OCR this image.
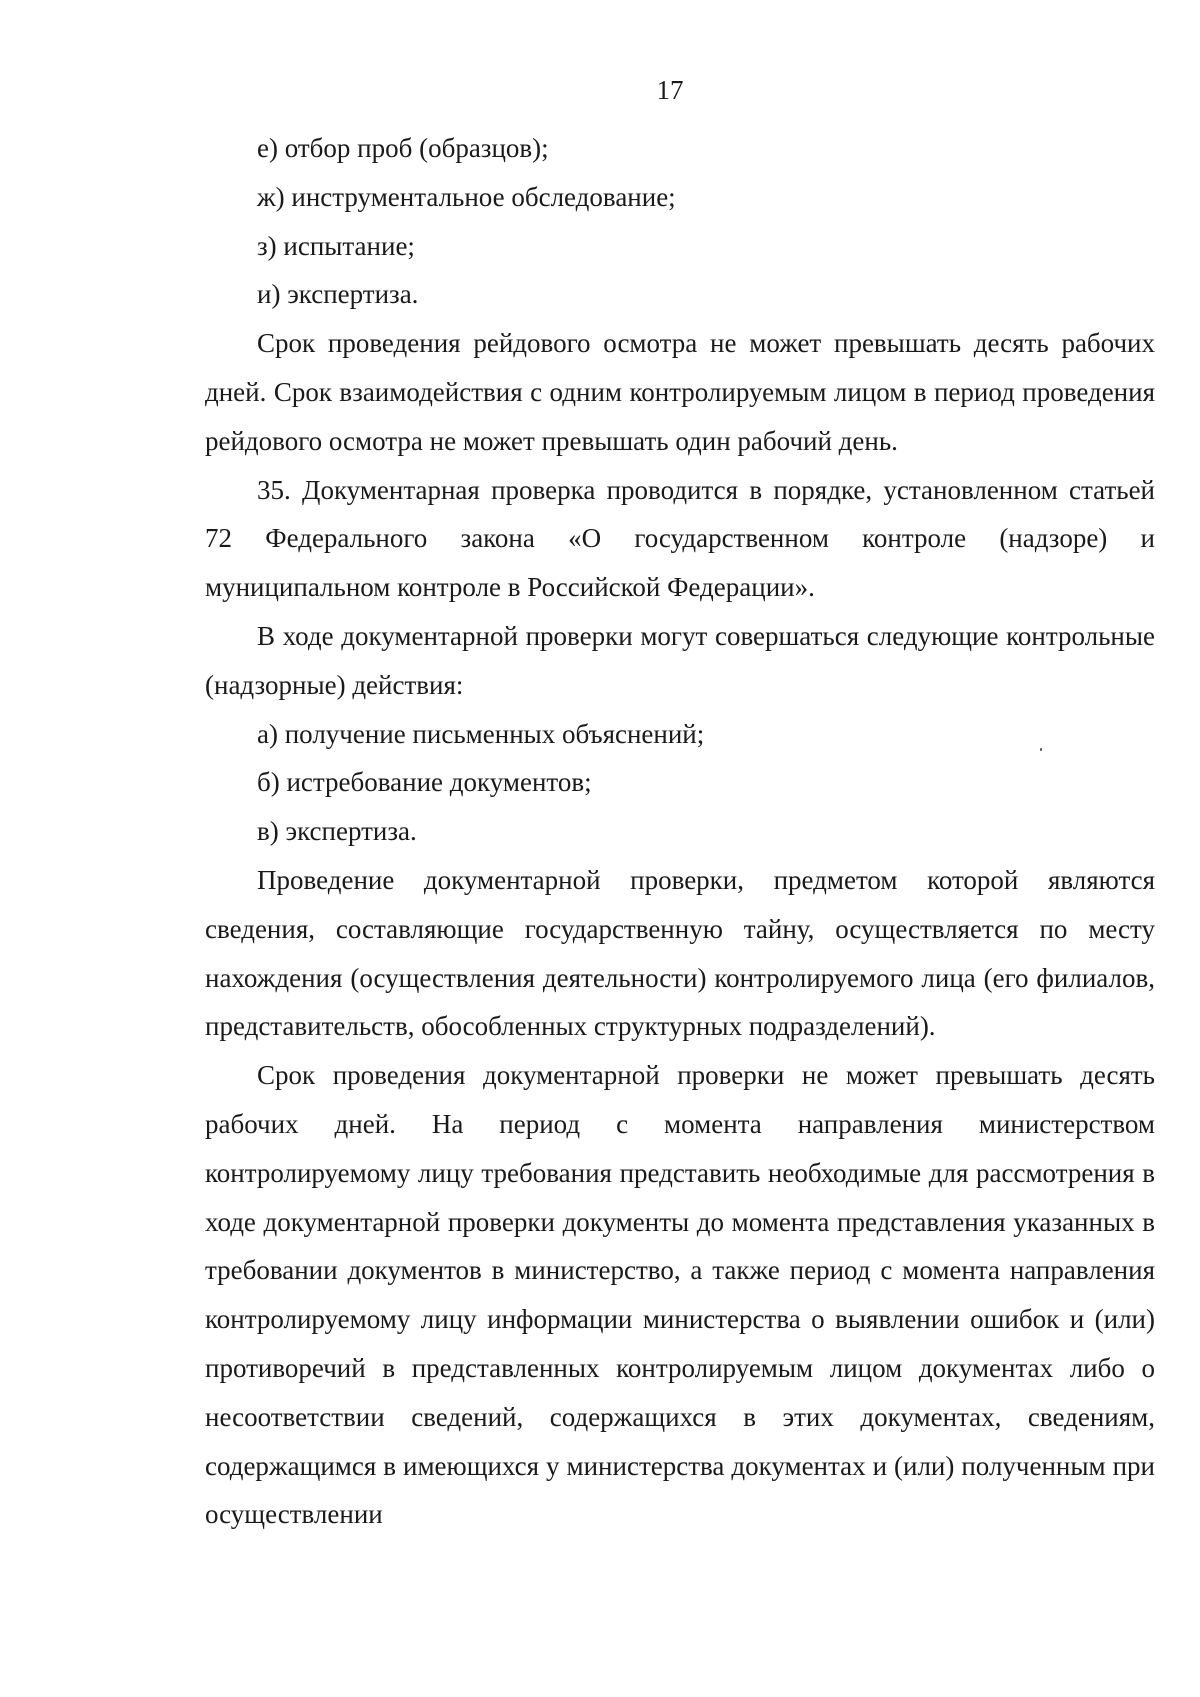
17

е) отбор проб (образцов);

ж) инструментальное обследование;

з) испытание;

и) экспертиза.

Срок проведения рейдового осмотра не может превышать десять рабочих дней. Срок взаимодействия с одним контролируемым лицом в период проведения рейдового осмотра не может превышать один рабочий день.

35. Документарная проверка проводится в порядке, установленном статьей 72 Федерального закона «О государственном контроле (надзоре) и муниципальном контроле в Российской Федерации».

В ходе документарной проверки могут совершаться следующие контрольные (надзорные) действия:

а) получение письменных объяснений;

б) истребование документов;

в) экспертиза.

Проведение документарной проверки, предметом которой являются сведения, составляющие государственную тайну, осуществляется по месту нахождения (осуществления деятельности) контролируемого лица (его филиалов, представительств, обособленных структурных подразделений).

Срок проведения документарной проверки не может превышать десять рабочих дней. На период с момента направления министерством контролируемому лицу требования представить необходимые для рассмотрения в ходе документарной проверки документы до момента представления указанных в требовании документов в министерство, а также период с момента направления контролируемому лицу информации министерства о выявлении ошибок и (или) противоречий в представленных контролируемым лицом документах либо о несоответствии сведений, содержащихся в этих документах, сведениям, содержащимся в имеющихся у министерства документах и (или) полученным при осуществлении
